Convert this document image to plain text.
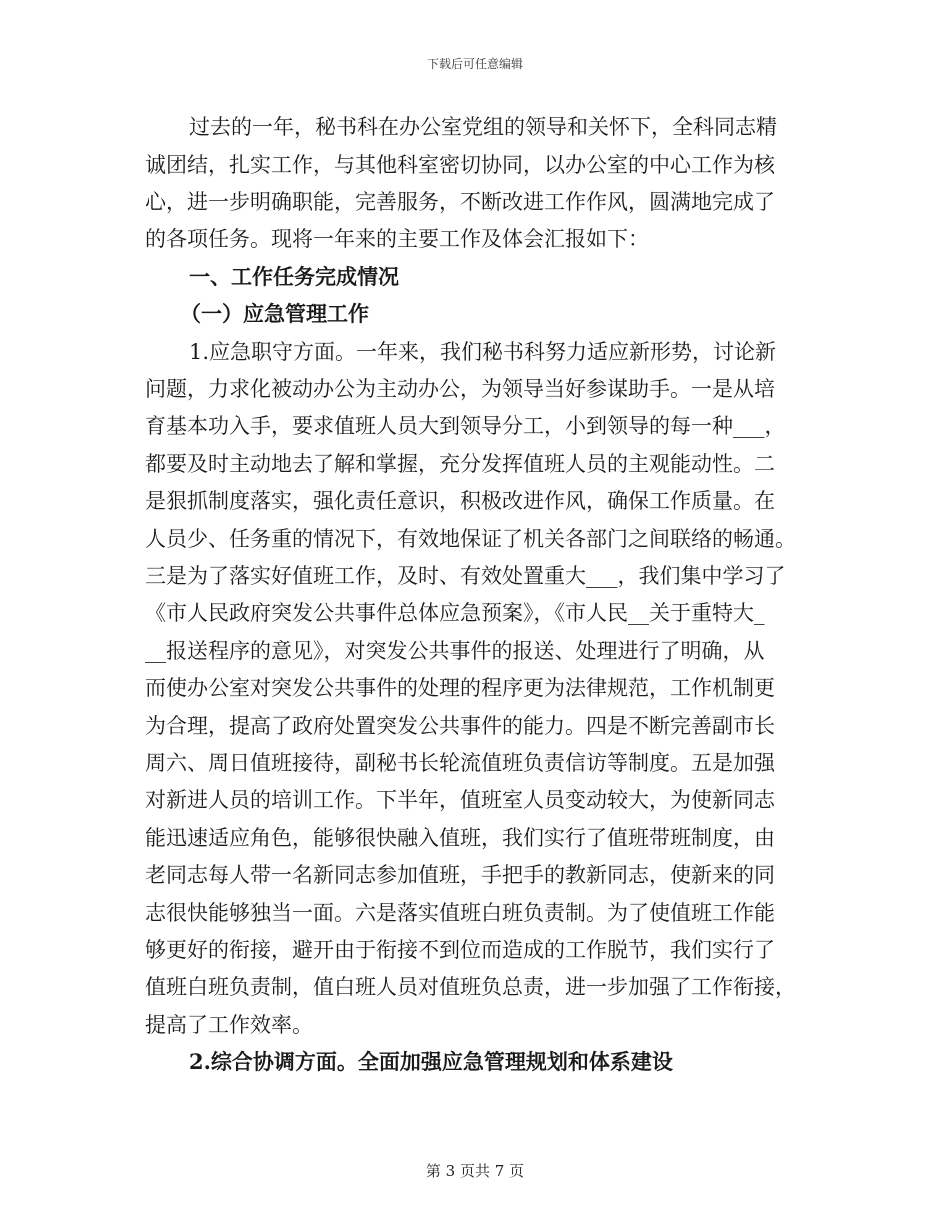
下载后可任意编辑
过去的一年，秘书科在办公室党组的领导和关怀下，全科同志精
诚团结，扎实工作，与其他科室密切协同，以办公室的中心工作为核
心，进一步明确职能，完善服务，不断改进工作作风，圆满地完成了
的各项任务。现将一年来的主要工作及体会汇报如下：
一、工作任务完成情况
（一）应急管理工作
1.应急职守方面。一年来，我们秘书科努力适应新形势，讨论新
问题，力求化被动办公为主动办公，为领导当好参谋助手。一是从培
育基本功入手，要求值班人员大到领导分工，小到领导的每一种___，
都要及时主动地去了解和掌握，充分发挥值班人员的主观能动性。二
是狠抓制度落实，强化责任意识，积极改进作风，确保工作质量。在
人员少、任务重的情况下，有效地保证了机关各部门之间联络的畅通。
三是为了落实好值班工作，及时、有效处置重大___，我们集中学习了
《市人民政府突发公共事件总体应急预案》，《市人民__关于重特大_
__报送程序的意见》，对突发公共事件的报送、处理进行了明确，从
而使办公室对突发公共事件的处理的程序更为法律规范，工作机制更
为合理，提高了政府处置突发公共事件的能力。四是不断完善副市长
周六、周日值班接待，副秘书长轮流值班负责信访等制度。五是加强
对新进人员的培训工作。下半年，值班室人员变动较大，为使新同志
能迅速适应角色，能够很快融入值班，我们实行了值班带班制度，由
老同志每人带一名新同志参加值班，手把手的教新同志，使新来的同
志很快能够独当一面。六是落实值班白班负责制。为了使值班工作能
够更好的衔接，避开由于衔接不到位而造成的工作脱节，我们实行了
值班白班负责制，值白班人员对值班负总责，进一步加强了工作衔接，
提高了工作效率。
2.综合协调方面。全面加强应急管理规划和体系建设
第 3 页共 7 页
